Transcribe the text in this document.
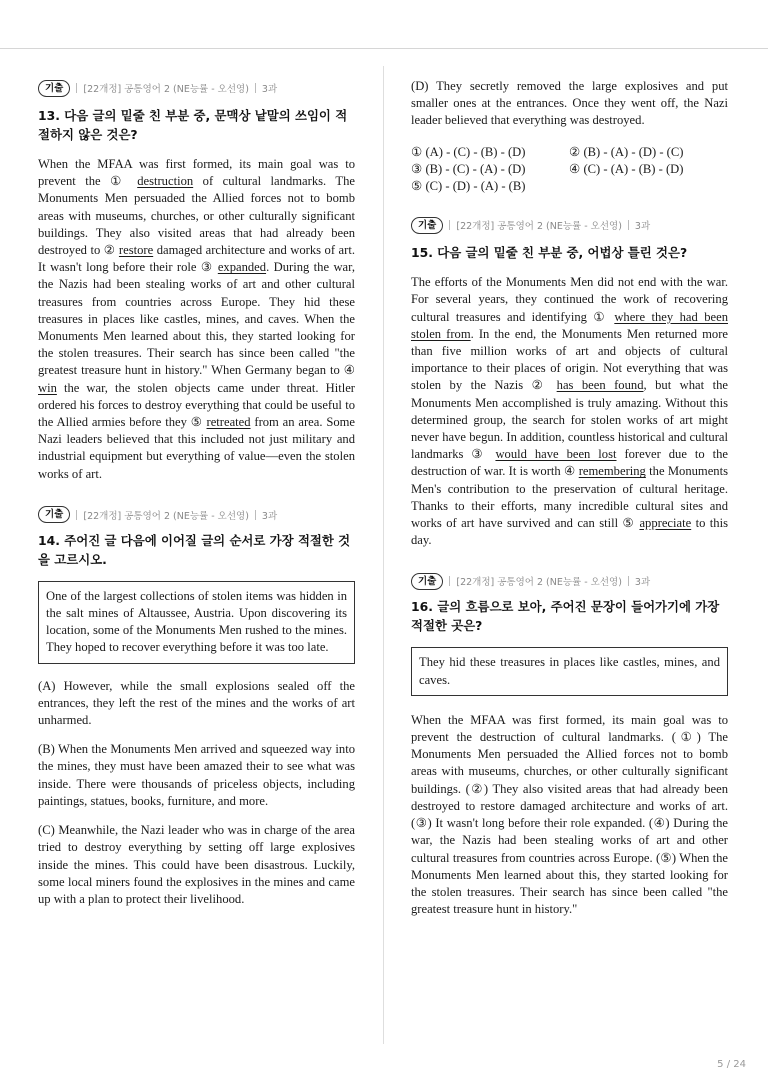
기출	[22개정] 공통영어 2 (NE능률 - 오선영) 3과
13. 다음 글의 밑줄 친 부분 중, 문맥상 낱말의 쓰임이 적절하지 않은 것은?

When the MFAA was first formed, its main goal was to prevent the ① destruction of cultural landmarks. The Monuments Men persuaded the Allied forces not to bomb areas with museums, churches, or other culturally significant buildings. They also visited areas that had already been destroyed to ② restore damaged architecture and works of art. It wasn't long before their role ③ expanded. During the war, the Nazis had been stealing works of art and other cultural treasures from countries across Europe. They hid these treasures in places like castles, mines, and caves. When the Monuments Men learned about this, they started looking for the stolen treasures. Their search has since been called "the greatest treasure hunt in history." When Germany began to ④ win the war, the stolen objects came under threat. Hitler ordered his forces to destroy everything that could be useful to the Allied armies before they ⑤ retreated from an area. Some Nazi leaders believed that this included not just military and industrial equipment but everything of value—even the stolen works of art.

기출	[22개정] 공통영어 2 (NE능률 - 오선영) 3과
14. 주어진 글 다음에 이어질 글의 순서로 가장 적절한 것을 고르시오.
One of the largest collections of stolen items was hidden in the salt mines of Altaussee, Austria. Upon discovering its location, some of the Monuments Men rushed to the mines. They hoped to recover everything before it was too late.

(A) However, while the small explosions sealed off the entrances, they left the rest of the mines and the works of art unharmed.

(B) When the Monuments Men arrived and squeezed way into the mines, they must have been amazed their to see what was inside. There were thousands of priceless objects, including paintings, statues, books, furniture, and more.

(C) Meanwhile, the Nazi leader who was in charge of the area tried to destroy everything by setting off large explosives inside the mines. This could have been disastrous. Luckily, some local miners found the explosives in the mines and came up with a plan to protect their livelihood.

(D) They secretly removed the large explosives and put smaller ones at the entrances. Once they went off, the Nazi leader believed that everything was destroyed.

① (A) - (C) - (B) - (D)	② (B) - (A) - (D) - (C)
③ (B) - (C) - (A) - (D)	④ (C) - (A) - (B) - (D)
⑤ (C) - (D) - (A) - (B)
기출	[22개정] 공통영어 2 (NE능률 - 오선영) 3과
15. 다음 글의 밑줄 친 부분 중, 어법상 틀린 것은?

The efforts of the Monuments Men did not end with the war. For several years, they continued the work of recovering cultural treasures and identifying ① where they had been stolen from. In the end, the Monuments Men returned more than five million works of art and objects of cultural importance to their places of origin. Not everything that was stolen by the Nazis ② has been found, but what the Monuments Men accomplished is truly amazing. Without this determined group, the search for stolen works of art might never have begun. In addition, countless historical and cultural landmarks ③ would have been lost forever due to the destruction of war. It is worth ④ remembering the Monuments Men's contribution to the preservation of cultural heritage. Thanks to their efforts, many incredible cultural sites and works of art have survived and can still ⑤ appreciate to this day.

기출	[22개정] 공통영어 2 (NE능률 - 오선영) 3과
16. 글의 흐름으로 보아, 주어진 문장이 들어가기에 가장 적절한 곳은?
They hid these treasures in places like castles, mines, and caves.

When the MFAA was first formed, its main goal was to prevent the destruction of cultural landmarks. (①) The Monuments Men persuaded the Allied forces not to bomb areas with museums, churches, or other culturally significant buildings. (②) They also visited areas that had already been destroyed to restore damaged architecture and works of art. (③) It wasn't long before their role expanded. (④) During the war, the Nazis had been stealing works of art and other cultural treasures from countries across Europe. (⑤) When the Monuments Men learned about this, they started looking for the stolen treasures. Their search has since been called "the greatest treasure hunt in history."

5 / 24
